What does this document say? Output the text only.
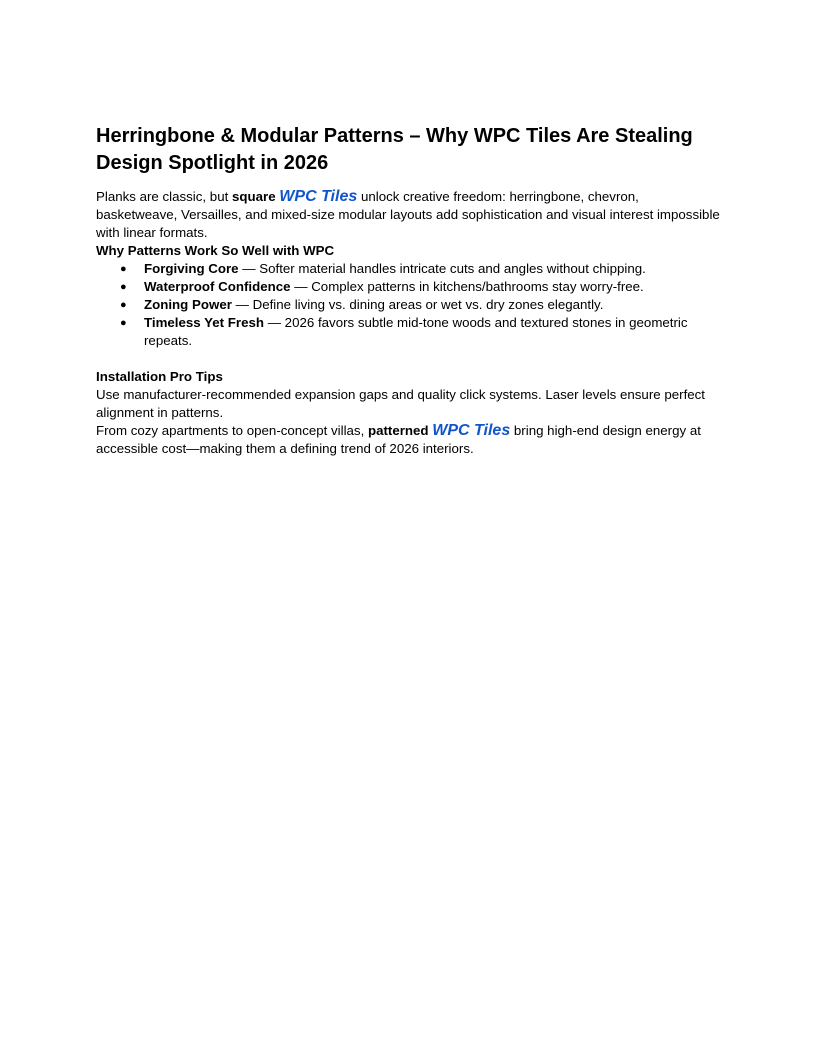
Herringbone & Modular Patterns – Why WPC Tiles Are Stealing Design Spotlight in 2026

Planks are classic, but square WPC Tiles unlock creative freedom: herringbone, chevron, basketweave, Versailles, and mixed-size modular layouts add sophistication and visual interest impossible with linear formats.

Why Patterns Work So Well with WPC

● Forgiving Core — Softer material handles intricate cuts and angles without chipping.
● Waterproof Confidence — Complex patterns in kitchens/bathrooms stay worry-free.
● Zoning Power — Define living vs. dining areas or wet vs. dry zones elegantly.
● Timeless Yet Fresh — 2026 favors subtle mid-tone woods and textured stones in geometric repeats.

Installation Pro Tips

Use manufacturer-recommended expansion gaps and quality click systems. Laser levels ensure perfect alignment in patterns.

From cozy apartments to open-concept villas, patterned WPC Tiles bring high-end design energy at accessible cost—making them a defining trend of 2026 interiors.
